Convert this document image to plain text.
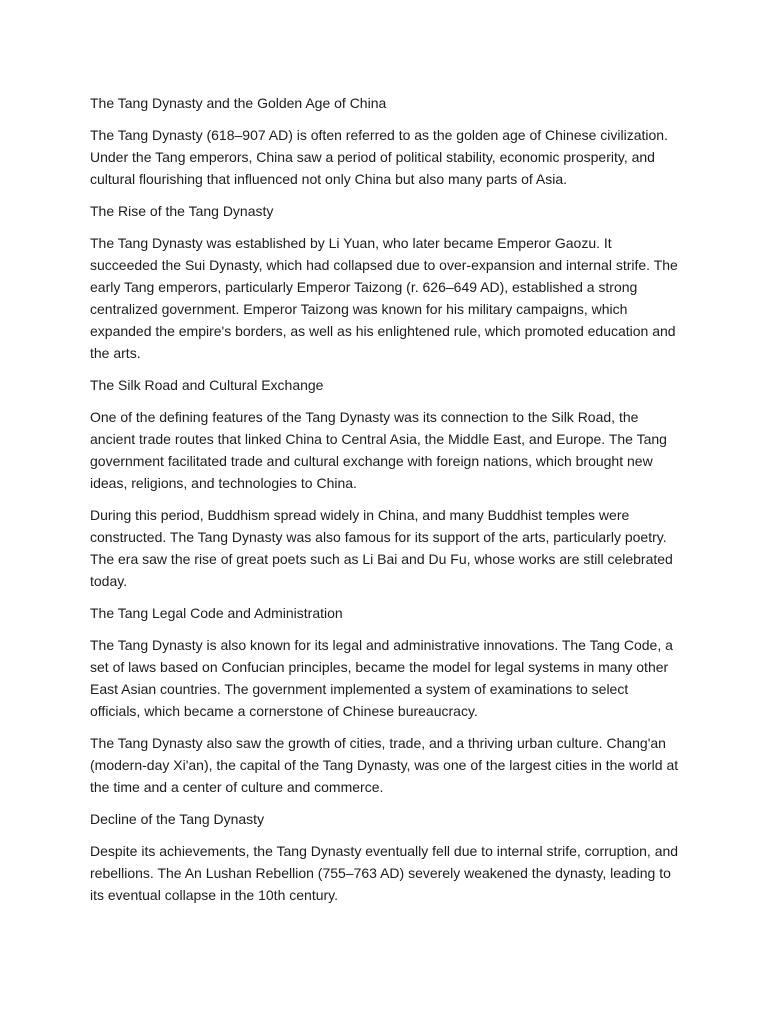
The Tang Dynasty and the Golden Age of China

The Tang Dynasty (618–907 AD) is often referred to as the golden age of Chinese civilization. Under the Tang emperors, China saw a period of political stability, economic prosperity, and cultural flourishing that influenced not only China but also many parts of Asia.

The Rise of the Tang Dynasty

The Tang Dynasty was established by Li Yuan, who later became Emperor Gaozu. It succeeded the Sui Dynasty, which had collapsed due to over-expansion and internal strife. The early Tang emperors, particularly Emperor Taizong (r. 626–649 AD), established a strong centralized government. Emperor Taizong was known for his military campaigns, which expanded the empire's borders, as well as his enlightened rule, which promoted education and the arts.

The Silk Road and Cultural Exchange

One of the defining features of the Tang Dynasty was its connection to the Silk Road, the ancient trade routes that linked China to Central Asia, the Middle East, and Europe. The Tang government facilitated trade and cultural exchange with foreign nations, which brought new ideas, religions, and technologies to China.

During this period, Buddhism spread widely in China, and many Buddhist temples were constructed. The Tang Dynasty was also famous for its support of the arts, particularly poetry. The era saw the rise of great poets such as Li Bai and Du Fu, whose works are still celebrated today.

The Tang Legal Code and Administration

The Tang Dynasty is also known for its legal and administrative innovations. The Tang Code, a set of laws based on Confucian principles, became the model for legal systems in many other East Asian countries. The government implemented a system of examinations to select officials, which became a cornerstone of Chinese bureaucracy.

The Tang Dynasty also saw the growth of cities, trade, and a thriving urban culture. Chang'an (modern-day Xi'an), the capital of the Tang Dynasty, was one of the largest cities in the world at the time and a center of culture and commerce.

Decline of the Tang Dynasty

Despite its achievements, the Tang Dynasty eventually fell due to internal strife, corruption, and rebellions. The An Lushan Rebellion (755–763 AD) severely weakened the dynasty, leading to its eventual collapse in the 10th century.
